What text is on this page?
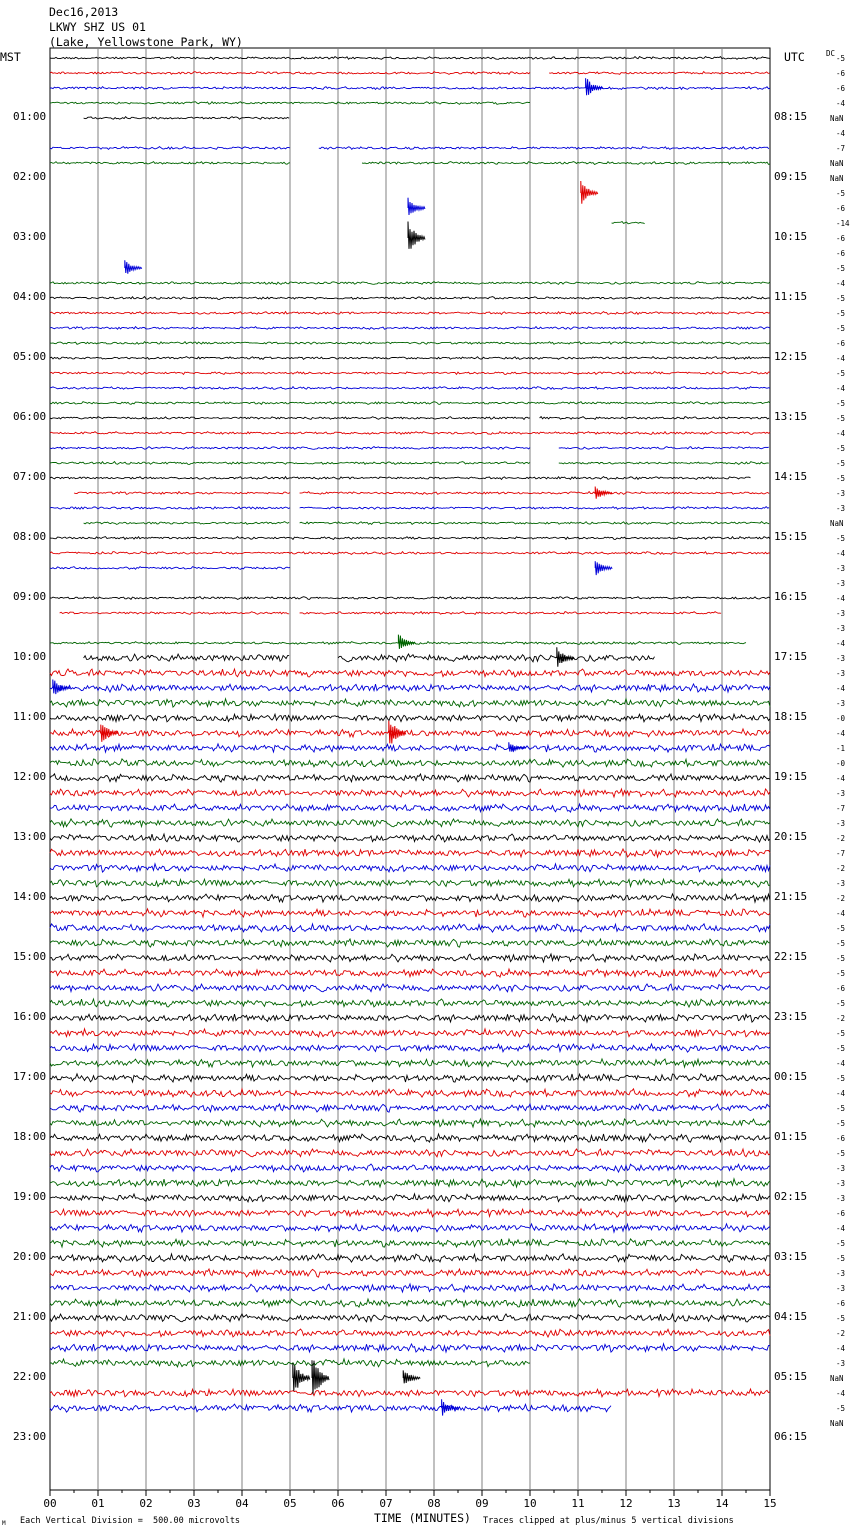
Dec16,2013
LKWY SHZ US 01
(Lake, Yellowstone Park, WY)
MST	UTC	DC
00	01	02	03	04	05	06	07	08	09	10	11	12	13	14	15
01:00
02:00
03:00
04:00
05:00
06:00
07:00
08:00
09:00
10:00
11:00
12:00
13:00
14:00
15:00
16:00
17:00
18:00
19:00
20:00
21:00
22:00
23:00
08:15
09:15
10:15
11:15
12:15
13:15
14:15
15:15
16:15
17:15
18:15
19:15
20:15
21:15
22:15
23:15
00:15
01:15
02:15
03:15
04:15
05:15
06:15
-5
-6
-6
-4
NaN
-4
-7
NaN
NaN
-5
-6
-14
-6
-6
-5
-4
-5
-5
-5
-6
-4
-5
-4
-5
-5
-4
-5
-5
-5
-3
-3
NaN
-5
-4
-3
-3
-4
-3
-3
-4
-3
-3
-4
-3
-0
-4
-1
-0
-4
-3
-7
-3
-2
-7
-2
-3
-2
-4
-5
-5
-5
-5
-6
-5
-2
-5
-5
-4
-5
-4
-5
-5
-6
-5
-3
-3
-3
-6
-4
-5
-5
-3
-3
-6
-5
-2
-4
-3
NaN
-4
-5
NaN
M Each Vertical Division =  500.00 microvolts	TIME (MINUTES) Traces clipped at plus/minus 5 vertical divisions
